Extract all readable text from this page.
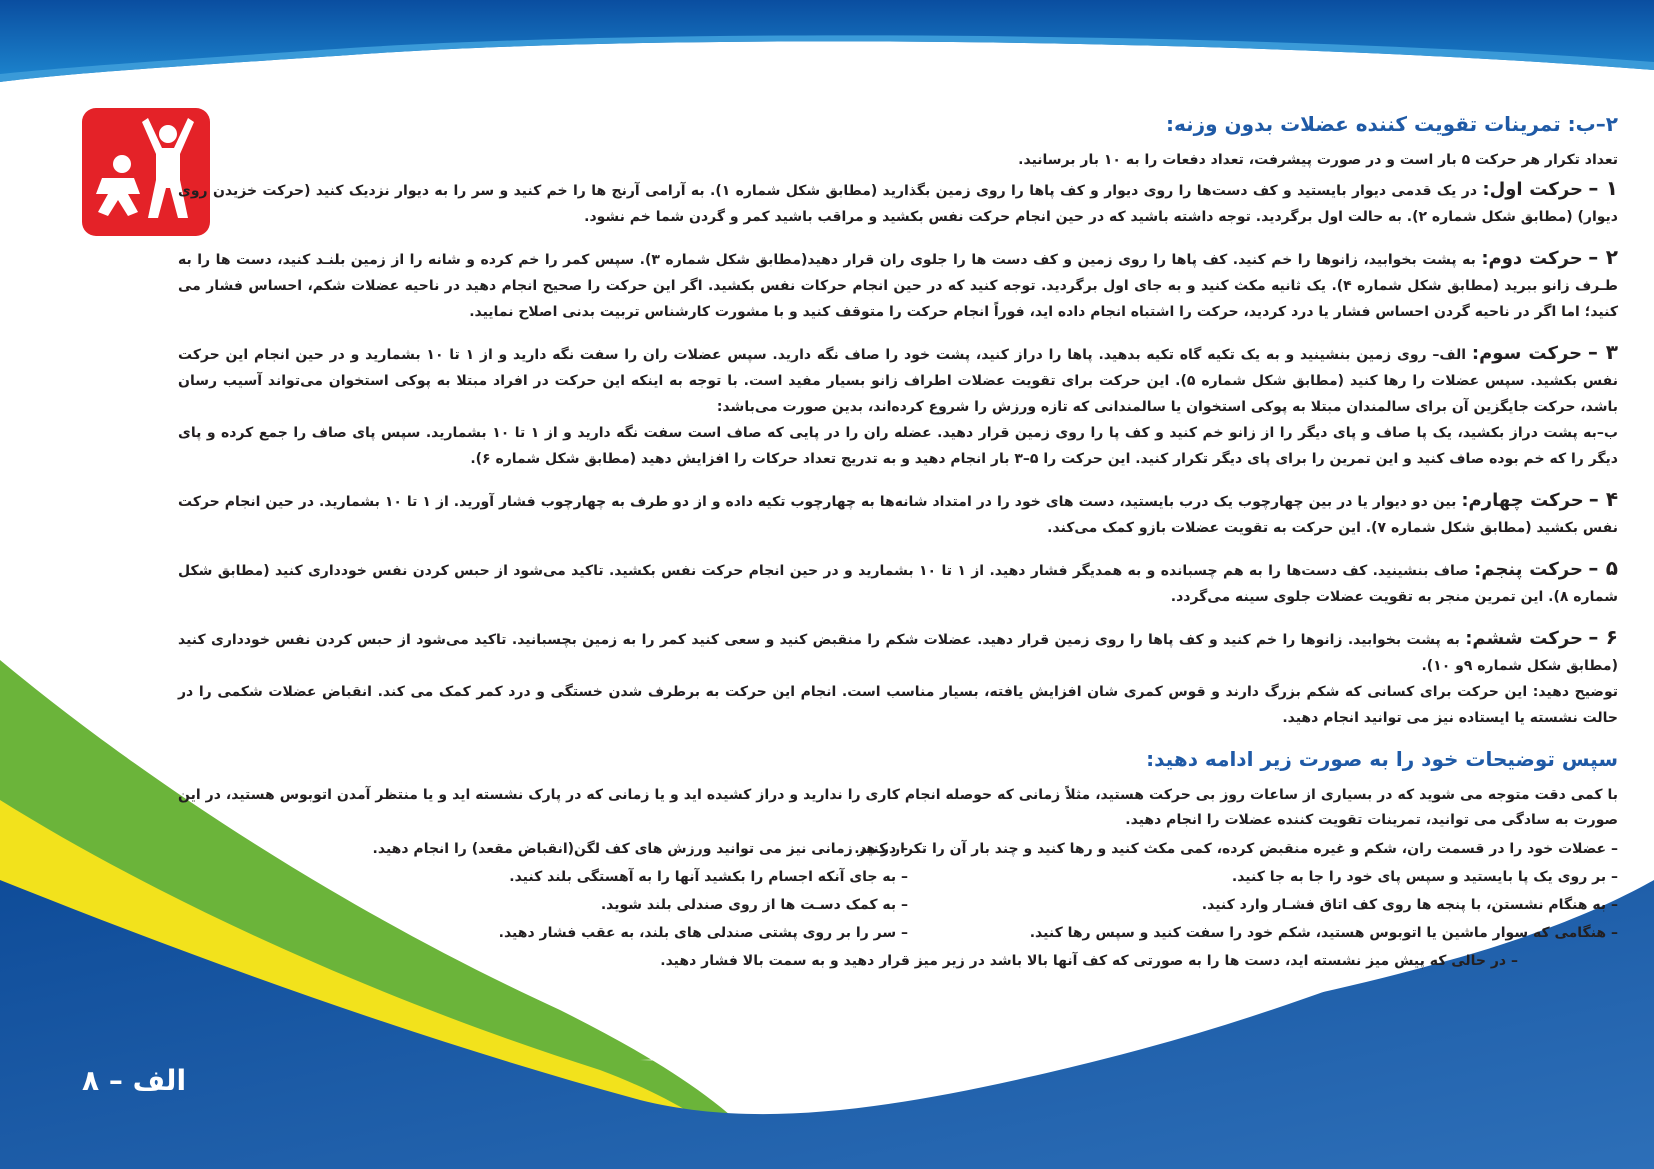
۲–ب: تمرینات تقویت کننده عضلات بدون وزنه:

تعداد تکرار هر حرکت ۵ بار است و در صورت پیشرفت، تعداد دفعات را به ۱۰ بار برسانید.

۱ – حرکت اول: در یک قدمی دیوار بایستید و کف دست‌ها را روی دیوار و کف پاها را روی زمین بگذارید (مطابق شکل شماره ۱). به آرامی آرنج ها را خم کنید و سر را به دیوار نزدیک کنید (حرکت خزیدن روی دیوار) (مطابق شکل شماره ۲). به حالت اول برگردید. توجه داشته باشید که در حین انجام حرکت نفس بکشید و مراقب باشید کمر و گردن شما خم نشود.

۲ – حرکت دوم: به پشت بخوابید، زانوها را خم کنید. کف پاها را روی زمین و کف دست ها را جلوی ران قرار دهید(مطابق شکل شماره ۳). سپس کمر را خم کرده و شانه را از زمین بلنـد کنید، دست ها را به طـرف زانو ببرید (مطابق شکل شماره ۴). یک ثانیه مکث کنید و به جای اول برگردید. توجه کنید که در حین انجام حرکات نفس بکشید. اگر این حرکت را صحیح انجام دهید در ناحیه عضلات شکم، احساس فشار می کنید؛ اما اگر در ناحیه گردن احساس فشار یا درد کردید، حرکت را اشتباه انجام داده اید، فوراً انجام حرکت را متوقف کنید و با مشورت کارشناس تربیت بدنی اصلاح نمایید.

۳ – حرکت سوم: الف– روی زمین بنشینید و به یک تکیه گاه تکیه بدهید. پاها را دراز کنید، پشت خود را صاف نگه دارید. سپس عضلات ران را سفت نگه دارید و از ۱ تا ۱۰ بشمارید و در حین انجام این حرکت نفس بکشید. سپس عضلات را رها کنید (مطابق شکل شماره ۵). این حرکت برای تقویت عضلات اطراف زانو بسیار مفید است. با توجه به اینکه این حرکت در افراد مبتلا به پوکی استخوان می‌تواند آسیب رسان باشد، حرکت جایگزین آن برای سالمندان مبتلا به پوکی استخوان یا سالمندانی که تازه ورزش را شروع کرده‌اند، بدین صورت می‌باشد:

ب–به پشت دراز بکشید، یک پا صاف و پای دیگر را از زانو خم کنید و کف پا را روی زمین قرار دهید. عضله ران را در پایی که صاف است سفت نگه دارید و از ۱ تا ۱۰ بشمارید. سپس پای صاف را جمع کرده و پای دیگر را که خم بوده صاف کنید و این تمرین را برای پای دیگر تکرار کنید. این حرکت را ۵–۳ بار انجام دهید و به تدریج تعداد حرکات را افزایش دهید (مطابق شکل شماره ۶).

۴ – حرکت چهارم: بین دو دیوار یا در بین چهارچوب یک درب بایستید، دست های خود را در امتداد شانه‌ها به چهارچوب تکیه داده و از دو طرف به چهارچوب فشار آورید. از ۱ تا ۱۰ بشمارید. در حین انجام حرکت نفس بکشید (مطابق شکل شماره ۷). این حرکت به تقویت عضلات بازو کمک می‌کند.

۵ – حرکت پنجم: صاف بنشینید. کف دست‌ها را به هم چسبانده و به همدیگر فشار دهید. از ۱ تا ۱۰ بشمارید و در حین انجام حرکت نفس بکشید. تاکید می‌شود از حبس کردن نفس خودداری کنید (مطابق شکل شماره ۸). این تمرین منجر به تقویت عضلات جلوی سینه می‌گردد.

۶ – حرکت ششم: به پشت بخوابید. زانوها را خم کنید و کف پاها را روی زمین قرار دهید. عضلات شکم را منقبض کنید و سعی کنید کمر را به زمین بچسبانید. تاکید می‌شود از حبس کردن نفس خودداری کنید (مطابق شکل شماره ۹و ۱۰).

توضیح دهید: این حرکت برای کسانی که شکم بزرگ دارند و قوس کمری شان افزایش یافته، بسیار مناسب است. انجام این حرکت به برطرف شدن خستگی و درد کمر کمک می کند. انقباض عضلات شکمی را در حالت نشسته یا ایستاده نیز می توانید انجام دهید.

سپس توضیحات خود را به صورت زیر ادامه دهید:

با کمی دقت متوجه می شوید که در بسیاری از ساعات روز بی حرکت هستید، مثلاً زمانی که حوصله انجام کاری را ندارید و دراز کشیده اید و یا زمانی که در پارک نشسته اید و یا منتظر آمدن اتوبوس هستید، در این صورت به سادگی می توانید، تمرینات تقویت کننده عضلات را انجام دهید.

– عضلات خود را در قسمت ران، شکم و غیره منقبض کرده، کمی مکث کنید و رها کنید و چند بار آن را تکرار کنید.
– بر روی یک پا بایستید و سپس پای خود را جا به جا کنید.
– به هنگام نشستن، با پنجه ها روی کف اتاق فشـار وارد کنید.
– هنگامی که سوار ماشین یا اتوبوس هستید، شکم خود را سفت کنید و سپس رها کنید.
– در هر زمانی نیز می توانید ورزش های کف لگن(انقباض مقعد) را انجام دهید.
– به جای آنکه اجسام را بکشید آنها را به آهستگی بلند کنید.
– به کمک دسـت ها از روی صندلی بلند شوید.
– سر را بر روی پشتی صندلی های بلند، به عقب فشار دهید.
– در حالی که پیش میز نشسته اید، دست ها را به صورتی که کف آنها بالا باشد در زیر میز قرار دهید و به سمت بالا فشار دهید.
الف – ۸
